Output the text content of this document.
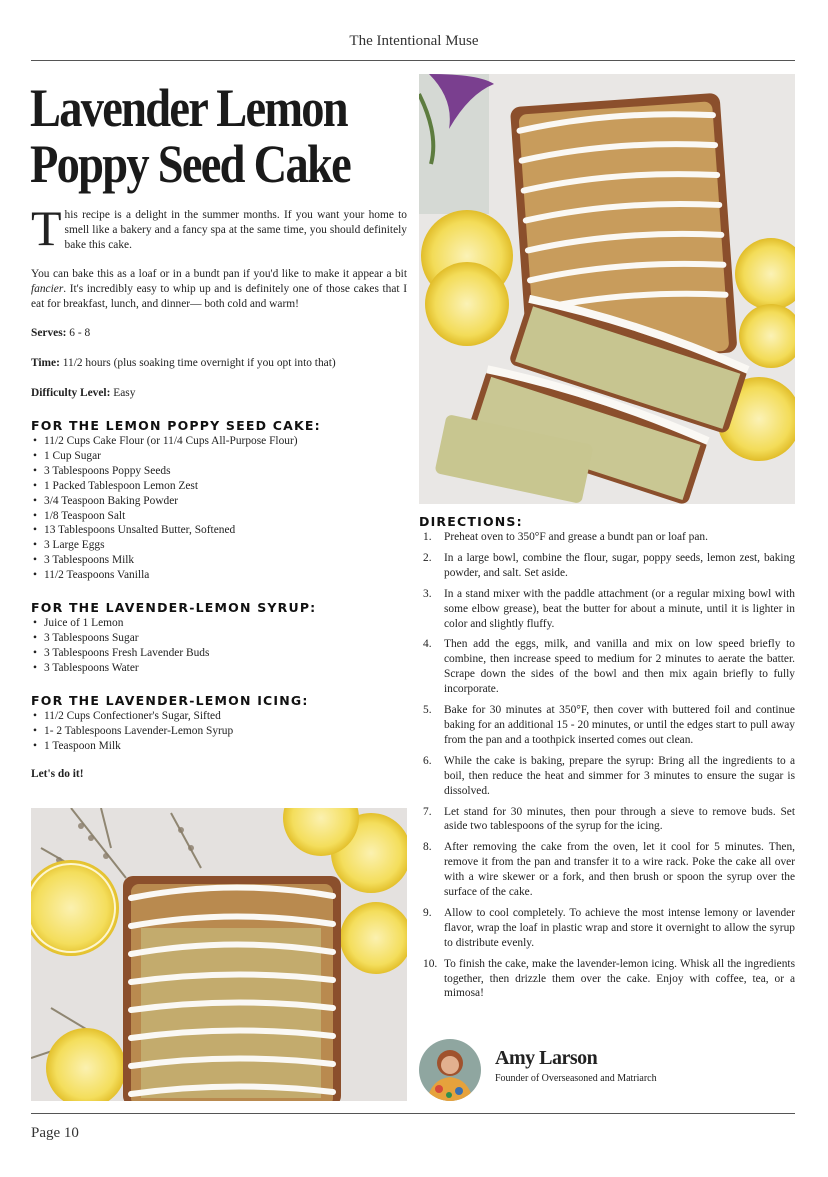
The Intentional Muse
Lavender Lemon
Poppy Seed Cake
This recipe is a delight in the summer months. If you want your home to smell like a bakery and a fancy spa at the same time, you should definitely bake this cake.
You can bake this as a loaf or in a bundt pan if you'd like to make it appear a bit fancier. It's incredibly easy to whip up and is definitely one of those cakes that I eat for breakfast, lunch, and dinner— both cold and warm!
Serves: 6 - 8
Time: 11/2 hours (plus soaking time overnight if you opt into that)
Difficulty Level: Easy
FOR THE LEMON POPPY SEED CAKE:
• 11/2 Cups Cake Flour (or 11/4 Cups All-Purpose Flour)
• 1 Cup Sugar
• 3 Tablespoons Poppy Seeds
• 1 Packed Tablespoon Lemon Zest
• 3/4 Teaspoon Baking Powder
• 1/8 Teaspoon Salt
• 13 Tablespoons Unsalted Butter, Softened
• 3 Large Eggs
• 3 Tablespoons Milk
• 11/2 Teaspoons Vanilla
FOR THE LAVENDER-LEMON SYRUP:
• Juice of 1 Lemon
• 3 Tablespoons Sugar
• 3 Tablespoons Fresh Lavender Buds
• 3 Tablespoons Water
FOR THE LAVENDER-LEMON ICING:
• 11/2 Cups Confectioner's Sugar, Sifted
• 1- 2 Tablespoons Lavender-Lemon Syrup
• 1 Teaspoon Milk
Let's do it!
DIRECTIONS:
1. Preheat oven to 350°F and grease a bundt pan or loaf pan.
2. In a large bowl, combine the flour, sugar, poppy seeds, lemon zest, baking powder, and salt. Set aside.
3. In a stand mixer with the paddle attachment (or a regular mixing bowl with some elbow grease), beat the butter for about a minute, until it is lighter in color and slightly fluffy.
4. Then add the eggs, milk, and vanilla and mix on low speed briefly to combine, then increase speed to medium for 2 minutes to aerate the batter. Scrape down the sides of the bowl and then mix again briefly to fully incorporate.
5. Bake for 30 minutes at 350°F, then cover with buttered foil and continue baking for an additional 15 - 20 minutes, or until the edges start to pull away from the pan and a toothpick inserted comes out clean.
6. While the cake is baking, prepare the syrup: Bring all the ingredients to a boil, then reduce the heat and simmer for 3 minutes to ensure the sugar is dissolved.
7. Let stand for 30 minutes, then pour through a sieve to remove buds. Set aside two tablespoons of the syrup for the icing.
8. After removing the cake from the oven, let it cool for 5 minutes. Then, remove it from the pan and transfer it to a wire rack. Poke the cake all over with a wire skewer or a fork, and then brush or spoon the syrup over the surface of the cake.
9. Allow to cool completely. To achieve the most intense lemony or lavender flavor, wrap the loaf in plastic wrap and store it overnight to allow the syrup to distribute evenly.
10. To finish the cake, make the lavender-lemon icing. Whisk all the ingredients together, then drizzle them over the cake. Enjoy with coffee, tea, or a mimosa!
Amy Larson
Founder of Overseasoned and Matriarch
Page 10
